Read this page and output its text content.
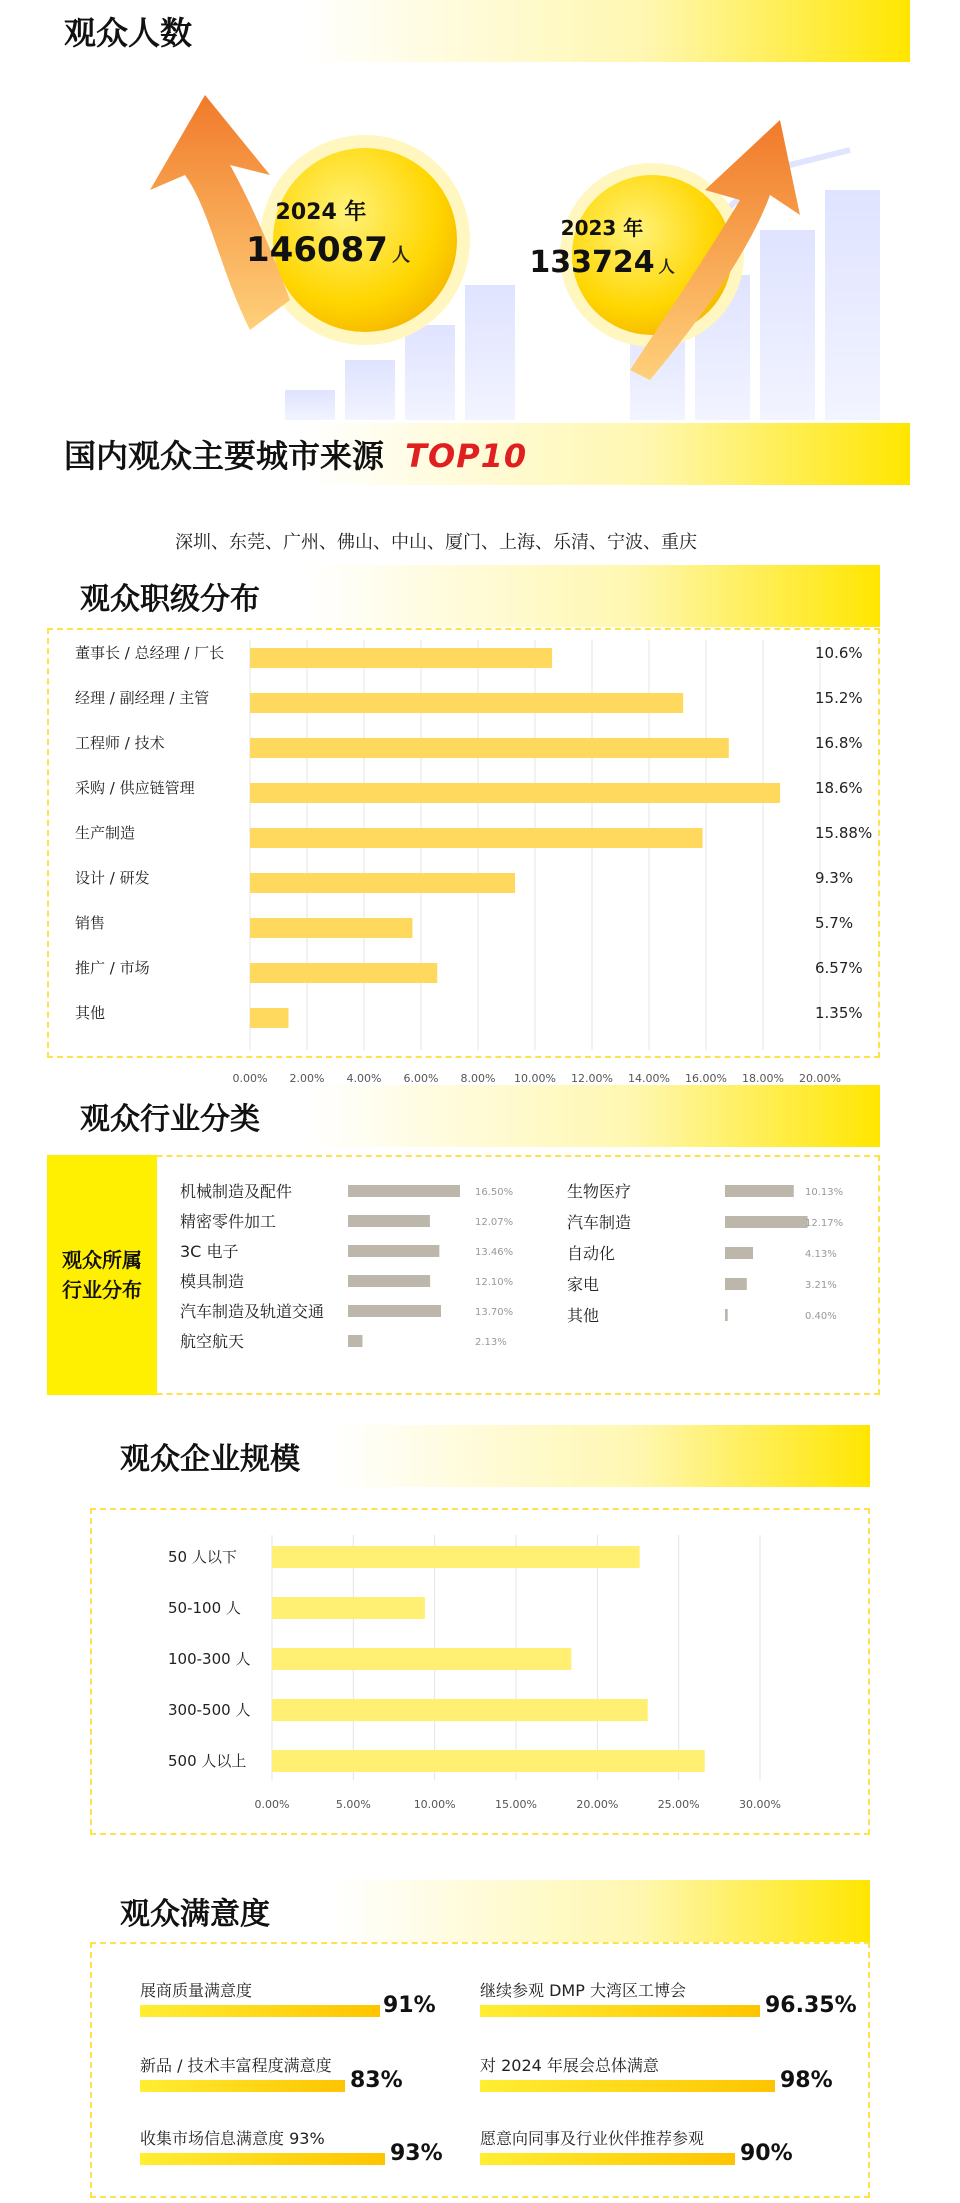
观众人数
2024 年
146087 人
2023 年
133724 人
国内观众主要城市来源 TOP10
深圳、东莞、广州、佛山、中山、厦门、上海、乐清、宁波、重庆
观众职级分布
0.00% 2.00% 4.00% 6.00% 8.00% 10.00% 12.00% 14.00% 16.00% 18.00% 20.00%
董事长 / 总经理 / 厂长	10.6%
经理 / 副经理 / 主管	15.2%
工程师 / 技术	16.8%
采购 / 供应链管理	18.6%
生产制造	15.88%
设计 / 研发	9.3%
销售	5.7%
推广 / 市场	6.57%
其他	1.35%
观众行业分类
观众所属行业分布
机械制造及配件	16.50%
精密零件加工	12.07%
3C 电子	13.46%
模具制造	12.10%
汽车制造及轨道交通	13.70%
航空航天	2.13%
生物医疗	10.13%
汽车制造	12.17%
自动化	4.13%
家电	3.21%
其他	0.40%
观众企业规模
0.00%	5.00%	10.00%	15.00%	20.00%	25.00%	30.00%
50 人以下
50-100 人
100-300 人
300-500 人
500 人以上
观众满意度
展商质量满意度
91%
继续参观 DMP 大湾区工博会
96.35%
新品 / 技术丰富程度满意度
83%
对 2024 年展会总体满意
98%
收集市场信息满意度 93%
93%
愿意向同事及行业伙伴推荐参观
90%
